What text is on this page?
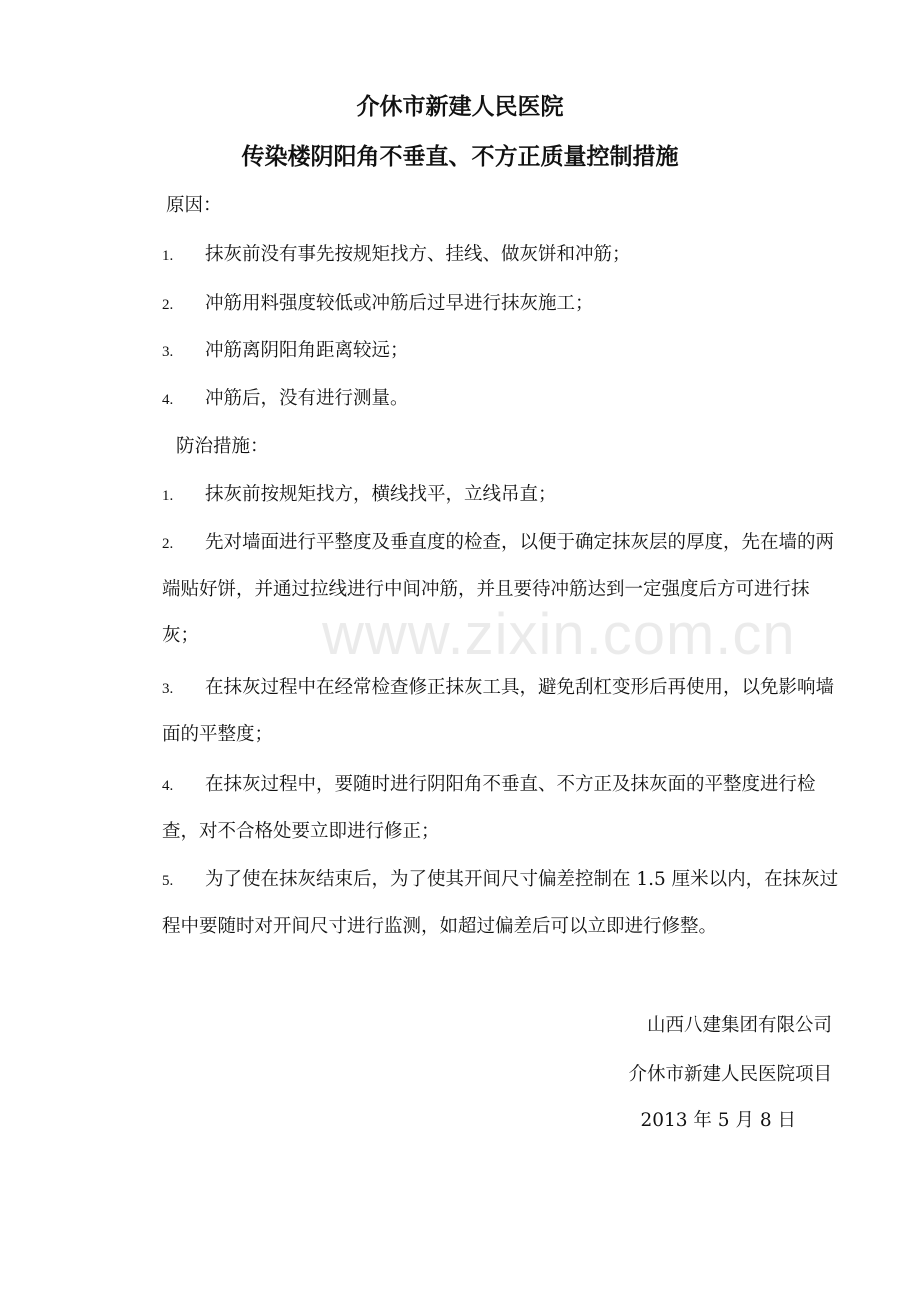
介休市新建人民医院
传染楼阴阳角不垂直、不方正质量控制措施

原因：

1. 抹灰前没有事先按规矩找方、挂线、做灰饼和冲筋；

2. 冲筋用料强度较低或冲筋后过早进行抹灰施工；

3. 冲筋离阴阳角距离较远；

4. 冲筋后，没有进行测量。

防治措施：

1. 抹灰前按规矩找方，横线找平，立线吊直；

2. 先对墙面进行平整度及垂直度的检查，以便于确定抹灰层的厚度，先在墙的两端贴好饼，并通过拉线进行中间冲筋，并且要待冲筋达到一定强度后方可进行抹灰；

3. 在抹灰过程中在经常检查修正抹灰工具，避免刮杠变形后再使用，以免影响墙面的平整度；

4. 在抹灰过程中，要随时进行阴阳角不垂直、不方正及抹灰面的平整度进行检查，对不合格处要立即进行修正；

5. 为了使在抹灰结束后，为了使其开间尺寸偏差控制在 1.5 厘米以内，在抹灰过程中要随时对开间尺寸进行监测，如超过偏差后可以立即进行修整。

山西八建集团有限公司

介休市新建人民医院项目

2013 年 5 月 8 日

www.zixin.com.cn
